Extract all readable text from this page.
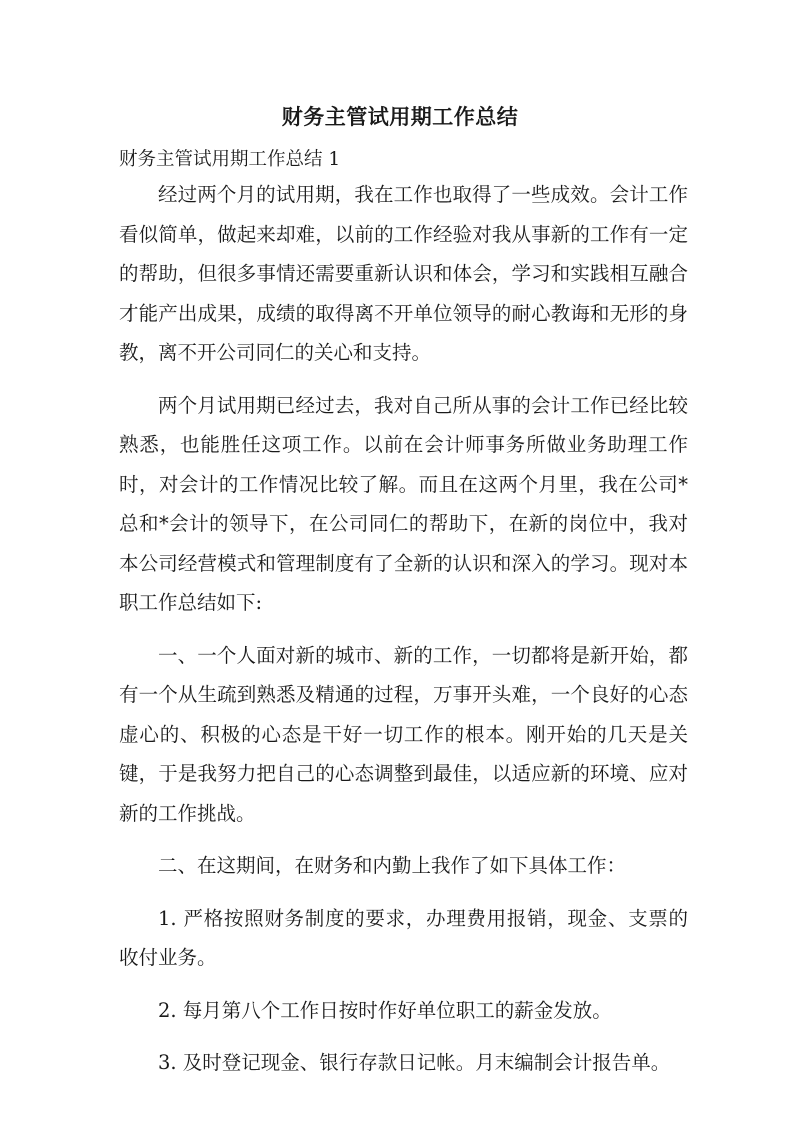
财务主管试用期工作总结
财务主管试用期工作总结 1

经过两个月的试用期，我在工作也取得了一些成效。会计工作看似简单，做起来却难，以前的工作经验对我从事新的工作有一定的帮助，但很多事情还需要重新认识和体会，学习和实践相互融合才能产出成果，成绩的取得离不开单位领导的耐心教诲和无形的身教，离不开公司同仁的关心和支持。

两个月试用期已经过去，我对自己所从事的会计工作已经比较熟悉，也能胜任这项工作。以前在会计师事务所做业务助理工作时，对会计的工作情况比较了解。而且在这两个月里，我在公司*总和*会计的领导下，在公司同仁的帮助下，在新的岗位中，我对本公司经营模式和管理制度有了全新的认识和深入的学习。现对本职工作总结如下:

一、一个人面对新的城市、新的工作，一切都将是新开始，都有一个从生疏到熟悉及精通的过程，万事开头难，一个良好的心态虚心的、积极的心态是干好一切工作的根本。刚开始的几天是关键，于是我努力把自己的心态调整到最佳，以适应新的环境、应对新的工作挑战。

二、在这期间，在财务和内勤上我作了如下具体工作：

1. 严格按照财务制度的要求，办理费用报销，现金、支票的收付业务。

2. 每月第八个工作日按时作好单位职工的薪金发放。

3. 及时登记现金、银行存款日记帐。月末编制会计报告单。
